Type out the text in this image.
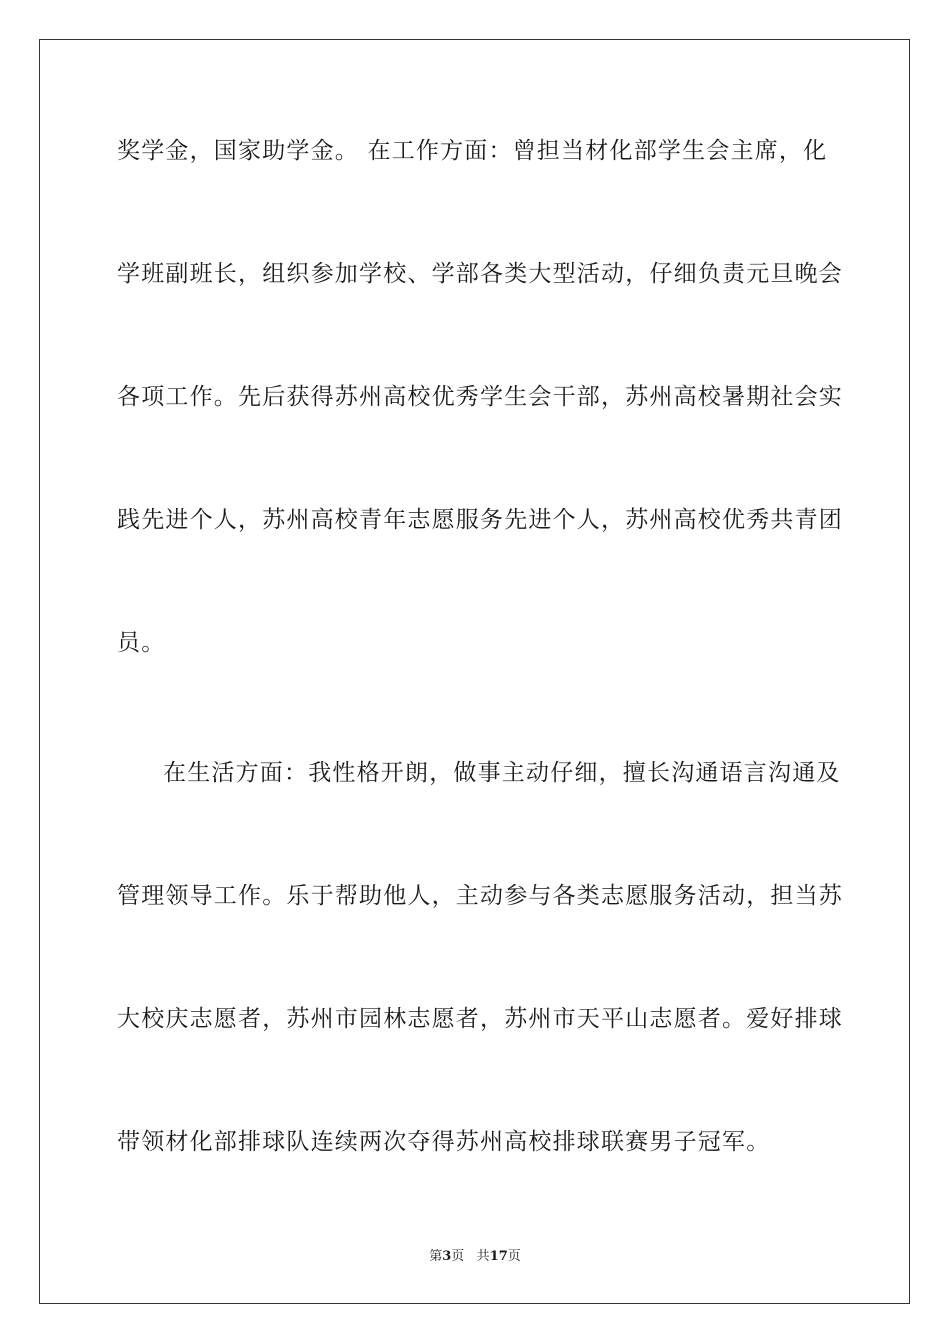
奖学金，国家助学金。 在工作方面：曾担当材化部学生会主席，化
学班副班长，组织参加学校、学部各类大型活动，仔细负责元旦晚会
各项工作。先后获得苏州高校优秀学生会干部，苏州高校暑期社会实
践先进个人，苏州高校青年志愿服务先进个人，苏州高校优秀共青团
员。
在生活方面：我性格开朗，做事主动仔细，擅长沟通语言沟通及
管理领导工作。乐于帮助他人，主动参与各类志愿服务活动，担当苏
大校庆志愿者，苏州市园林志愿者，苏州市天平山志愿者。爱好排球
带领材化部排球队连续两次夺得苏州高校排球联赛男子冠军。
第3页 共17页
